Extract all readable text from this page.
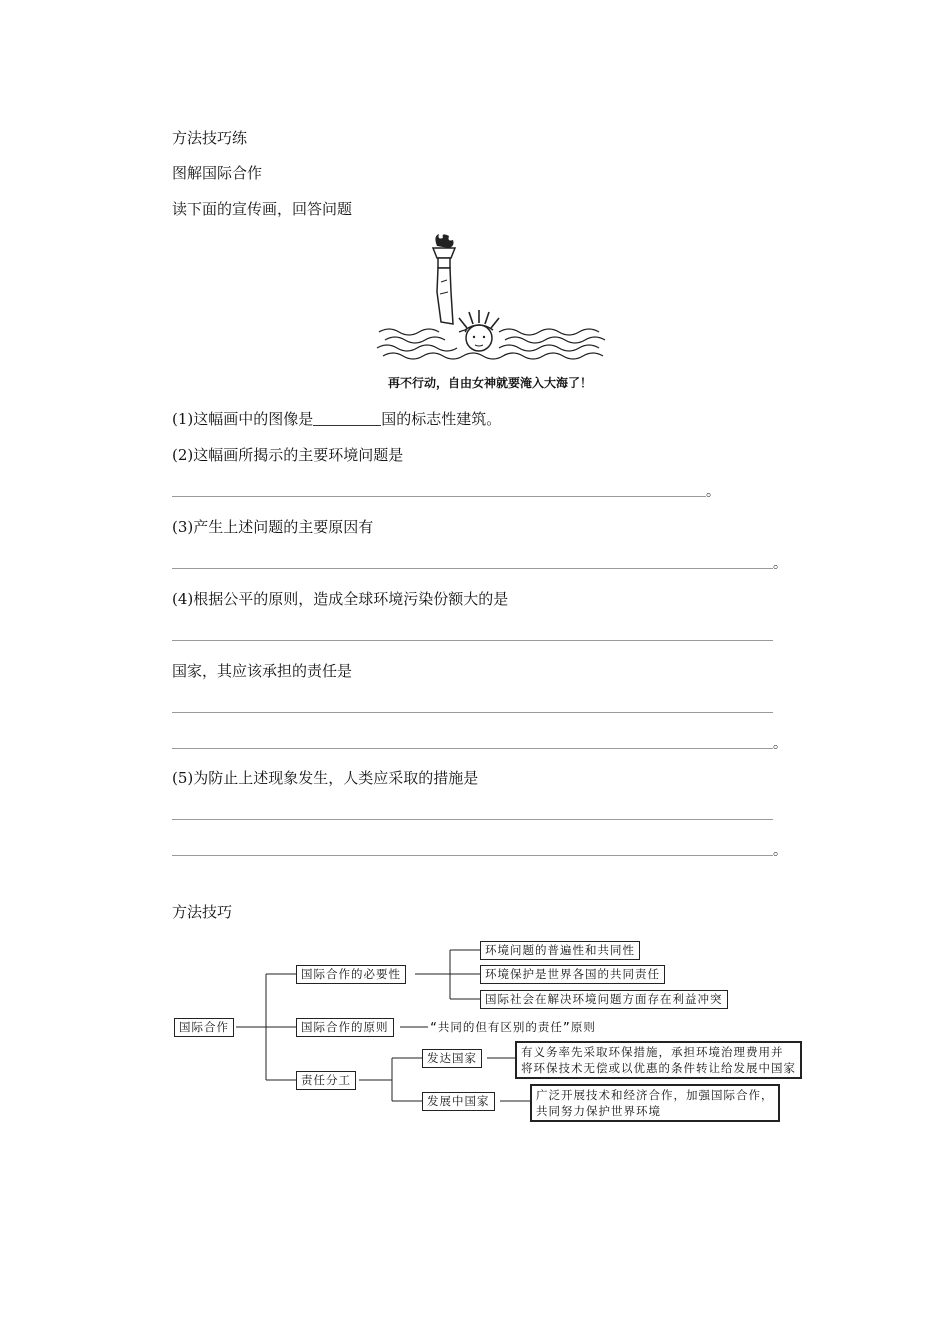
方法技巧练
图解国际合作
读下面的宣传画，回答问题
再不行动，自由女神就要淹入大海了！
(1)这幅画中的图像是	国的标志性建筑。
(2)这幅画所揭示的主要环境问题是
。
(3)产生上述问题的主要原因有
。
(4)根据公平的原则，造成全球环境污染份额大的是
国家，其应该承担的责任是
。
(5)为防止上述现象发生，人类应采取的措施是
。
方法技巧
国际合作
国际合作的必要性
环境问题的普遍性和共同性
环境保护是世界各国的共同责任
国际社会在解决环境问题方面存在利益冲突
国际合作的原则	“共同的但有区别的责任”原则
责任分工
发达国家	有义务率先采取环保措施，承担环境治理费用并
将环保技术无偿或以优惠的条件转让给发展中国家
发展中国家	广泛开展技术和经济合作，加强国际合作，
共同努力保护世界环境
